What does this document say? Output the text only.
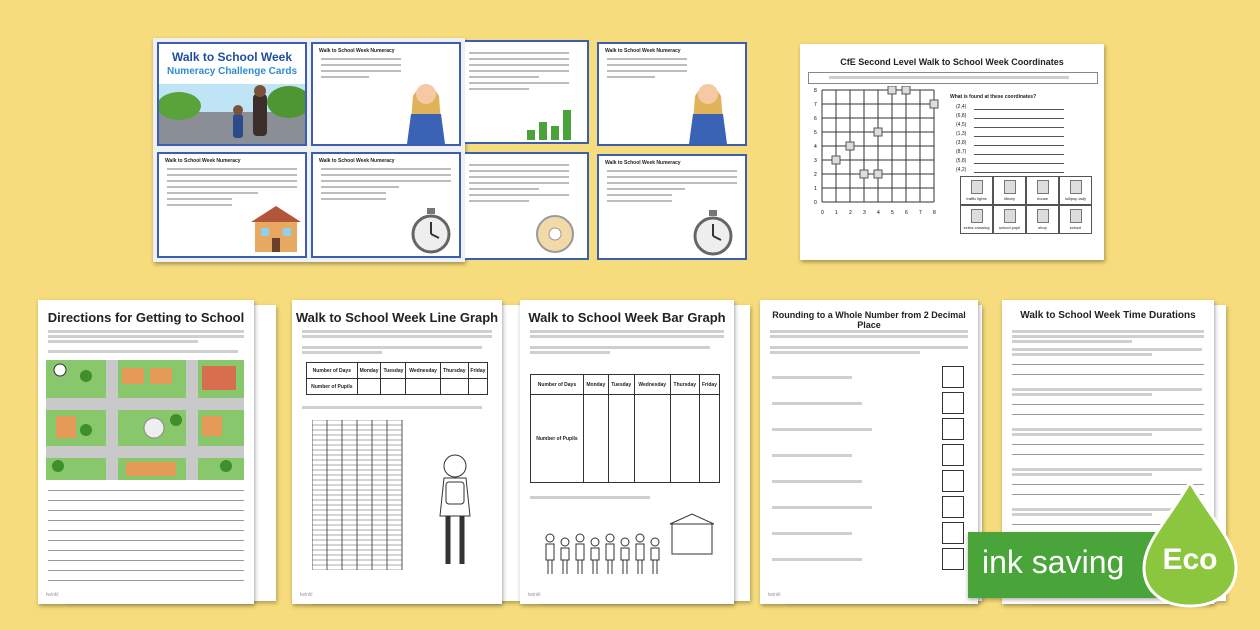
Walk to School Week
Numeracy Challenge Cards
Walk to School Week Numeracy
Walk to School Week Numeracy	Walk to School Week Numeracy
Walk to School Week Numeracy
Walk to School Week Numeracy
CfE Second Level Walk to School Week Coordinates
8
7
6
5
4
3
2
1
0
0 1 2 3 4 5 6 7 8
What is found at these coordinates?
(2,4)
(6,8)
(4,5)
(1,3)
(3,8)
(8,7)
(5,8)
(4,2)
traffic lights	library	house	lollipop lady
zebra crossing	school pupil	shop	school
Directions for Getting to School
twinkl
Walk to School Week Line Graph
Number of Days	Monday	Tuesday	Wednesday	Thursday	Friday
Number of Pupils					
twinkl
Walk to School Week Bar Graph
Number of Days	Monday	Tuesday	Wednesday	Thursday	Friday
Number of Pupils					
twinkl
Rounding to a Whole Number from 2 Decimal Place
twinkl
Walk to School Week Time Durations
ink saving	Eco
